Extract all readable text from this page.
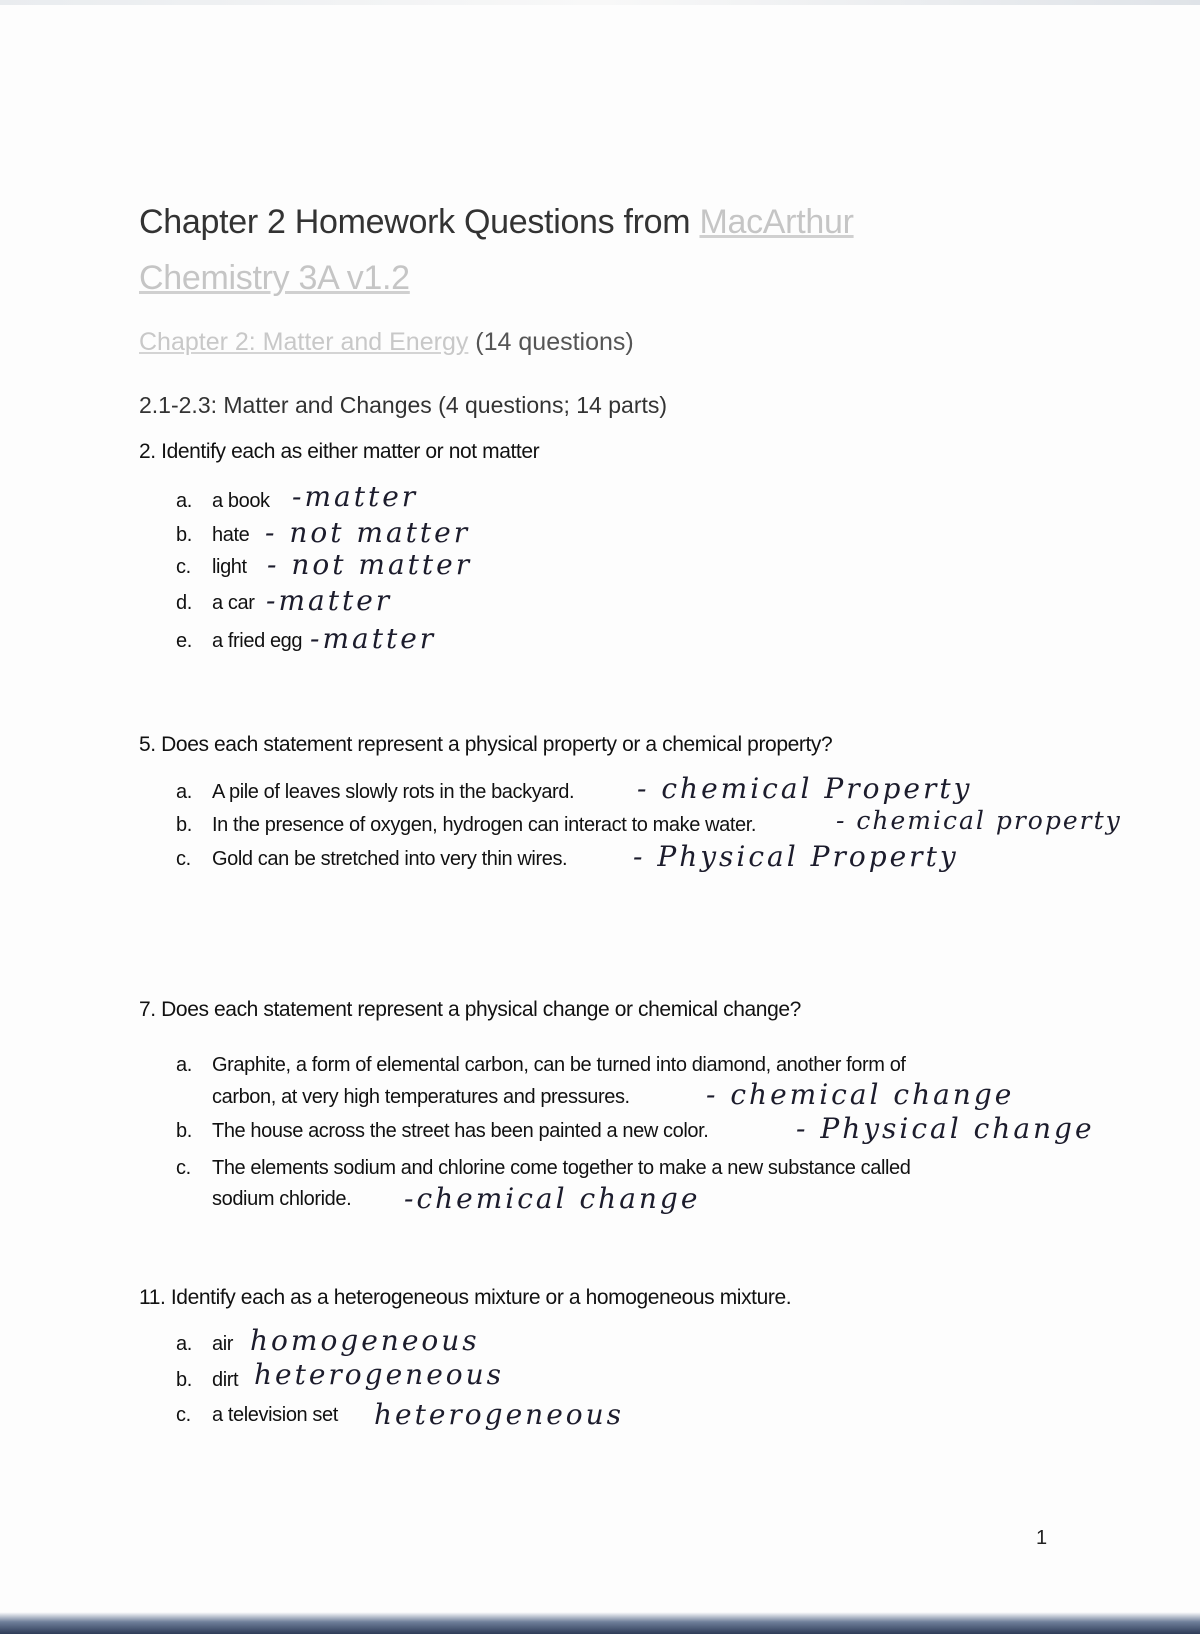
Chapter 2 Homework Questions from MacArthur
Chemistry 3A v1.2
Chapter 2: Matter and Energy (14 questions)
2.1-2.3: Matter and Changes (4 questions; 14 parts)
2. Identify each as either matter or not matter
a. a book -matter
b. hate - not matter
c. light - not matter
d. a car -matter
e. a fried egg -matter
5. Does each statement represent a physical property or a chemical property?
a. A pile of leaves slowly rots in the backyard. - chemical Property
b. In the presence of oxygen, hydrogen can interact to make water.	- chemical property
c. Gold can be stretched into very thin wires. - Physical Property
7. Does each statement represent a physical change or chemical change?
a. Graphite, a form of elemental carbon, can be turned into diamond, another form of
carbon, at very high temperatures and pressures.	- chemical change
b. The house across the street has been painted a new color.	- Physical change
c. The elements sodium and chlorine come together to make a new substance called
sodium chloride. -chemical change
11. Identify each as a heterogeneous mixture or a homogeneous mixture.
a. air homogeneous
b. dirt heterogeneous
c. a television set heterogeneous
1
